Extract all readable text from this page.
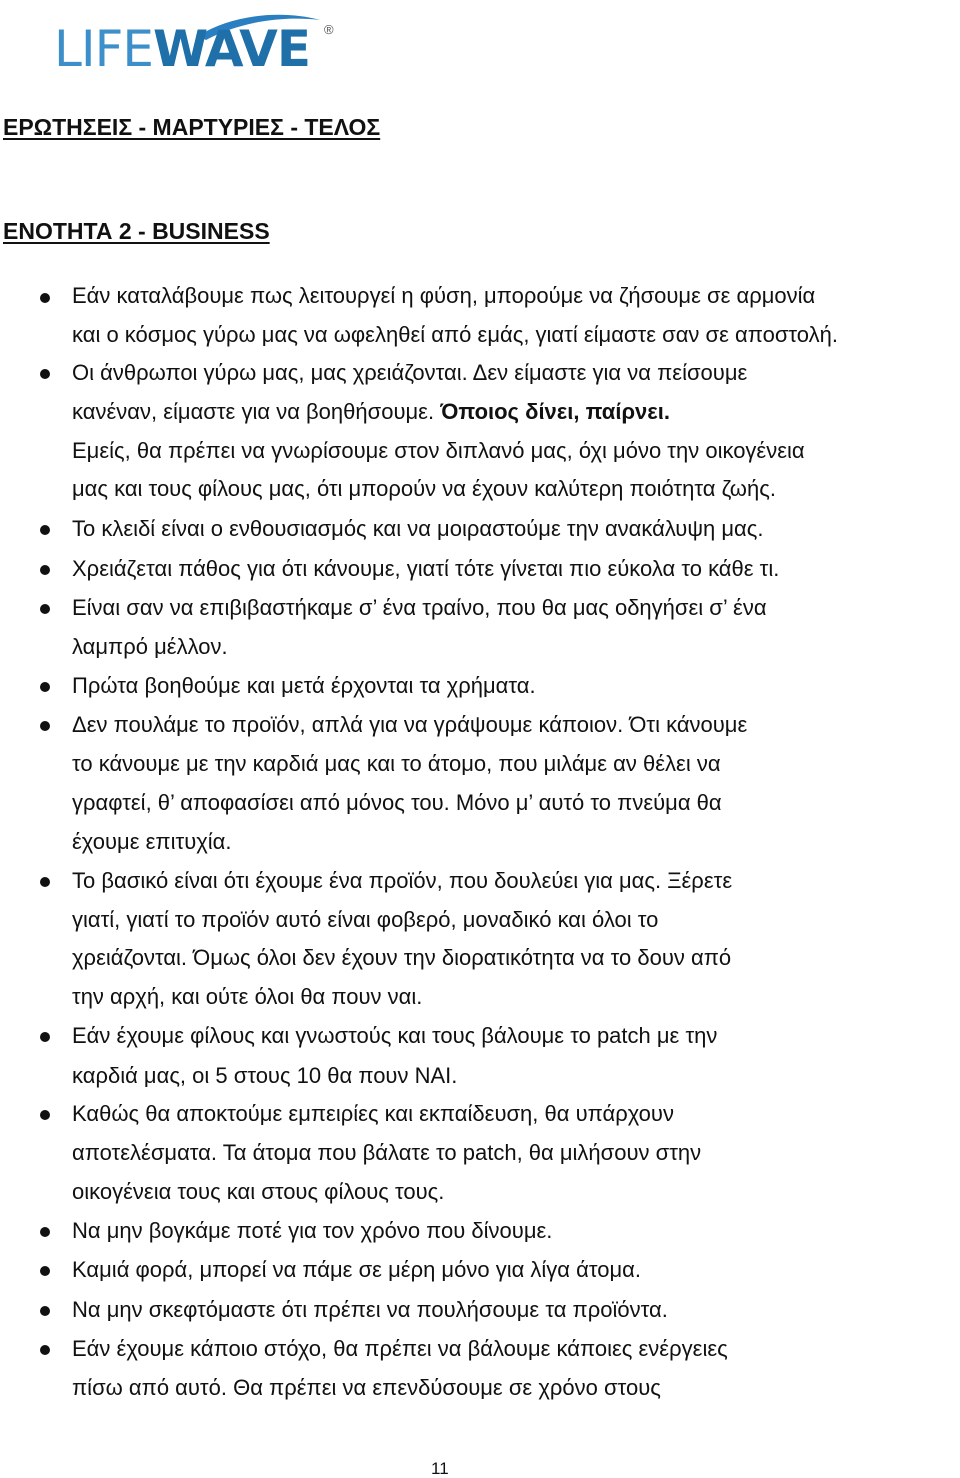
LIFEWAVE ®
ΕΡΩΤΗΣΕΙΣ - ΜΑΡΤΥΡΙΕΣ - ΤΕΛΟΣ
ΕΝΟΤΗΤΑ 2 - BUSINESS
Εάν καταλάβουμε πως λειτουργεί η φύση, μπορούμε να ζήσουμε σε αρμονία
και ο κόσμος γύρω μας να ωφεληθεί από εμάς, γιατί είμαστε σαν σε αποστολή.
Οι άνθρωποι γύρω μας, μας χρειάζονται. Δεν είμαστε για να πείσουμε
κανέναν, είμαστε για να βοηθήσουμε. Όποιος δίνει, παίρνει.
Εμείς, θα πρέπει να γνωρίσουμε στον διπλανό μας, όχι μόνο την οικογένεια
μας και τους φίλους μας, ότι μπορούν να έχουν καλύτερη ποιότητα ζωής.
Το κλειδί είναι ο ενθουσιασμός και να μοιραστούμε την ανακάλυψη μας.
Χρειάζεται πάθος για ότι κάνουμε, γιατί τότε γίνεται πιο εύκολα το κάθε τι.
Είναι σαν να επιβιβαστήκαμε σ’ ένα τραίνο, που θα μας οδηγήσει σ’ ένα
λαμπρό μέλλον.
Πρώτα βοηθούμε και μετά έρχονται τα χρήματα.
Δεν πουλάμε το προϊόν, απλά για να γράψουμε κάποιον. Ότι κάνουμε
το κάνουμε με την καρδιά μας και το άτομο, που μιλάμε αν θέλει να
γραφτεί, θ’ αποφασίσει από μόνος του. Μόνο μ’ αυτό το πνεύμα θα
έχουμε επιτυχία.
Το βασικό είναι ότι έχουμε ένα προϊόν, που δουλεύει για μας. Ξέρετε
γιατί, γιατί το προϊόν αυτό είναι φοβερό, μοναδικό και όλοι το
χρειάζονται. Όμως όλοι δεν έχουν την διορατικότητα να το δουν από
την αρχή, και ούτε όλοι θα πουν ναι.
Εάν έχουμε φίλους και γνωστούς και τους βάλουμε το patch με την
καρδιά μας, οι 5 στους 10 θα πουν ΝΑΙ.
Καθώς θα αποκτούμε εμπειρίες και εκπαίδευση, θα υπάρχουν
αποτελέσματα. Τα άτομα που βάλατε το patch, θα μιλήσουν στην
οικογένεια τους και στους φίλους τους.
Να μην βογκάμε ποτέ για τον χρόνο που δίνουμε.
Καμιά φορά, μπορεί να πάμε σε μέρη μόνο για λίγα άτομα.
Να μην σκεφτόμαστε ότι πρέπει να πουλήσουμε τα προϊόντα.
Εάν έχουμε κάποιο στόχο, θα πρέπει να βάλουμε κάποιες ενέργειες
πίσω από αυτό. Θα πρέπει να επενδύσουμε σε χρόνο στους
11
